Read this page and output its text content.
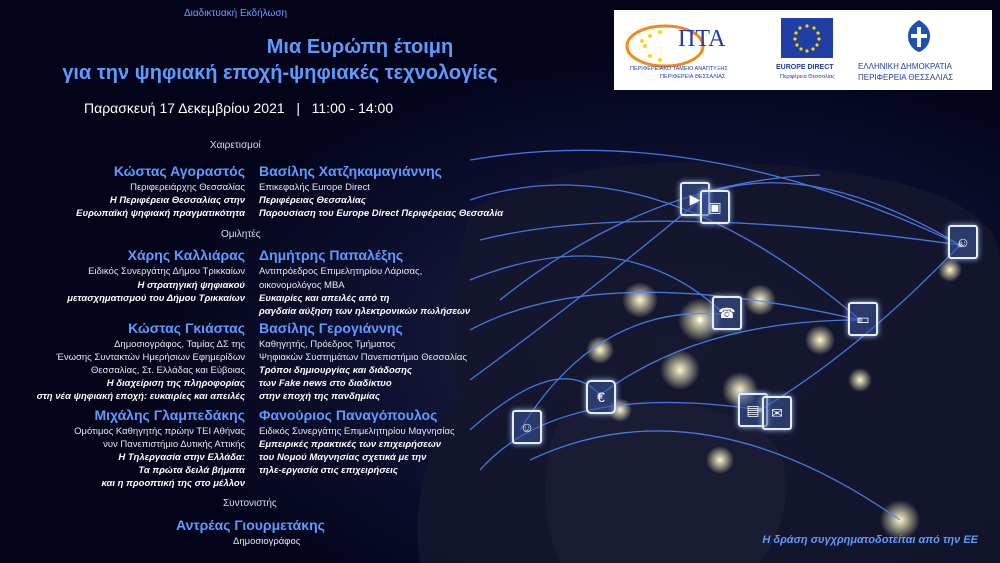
▶ ▣
☺
☎	▭
€
▤ ✉
☺
Διαδικτυακή Εκδήλωση
Μια Ευρώπη έτοιμη
για την ψηφιακή εποχή-ψηφιακές τεχνολογίες
Παρασκευή 17 Δεκεμβρίου 2021   |   11:00 - 14:00
Χαιρετισμοί
Κώστας Αγοραστός
Περιφερειάρχης Θεσσαλίας
Η Περιφέρεια Θεσσαλίας στην
Ευρωπαϊκή ψηφιακή πραγματικότητα
Βασίλης Χατζηκαμαγιάννης
Επικεφαλής Europe Direct
Περιφέρειας Θεσσαλίας
Παρουσίαση του Europe Direct Περιφέρειας Θεσσαλία
Ομιλητές
Χάρης Καλλιάρας
Ειδικός Συνεργάτης Δήμου Τρικκαίων
Η στρατηγική ψηφιακού
μετασχηματισμού του Δήμου Τρικκαίων
Δημήτρης Παπαλέξης
Αντιπρόεδρος Επιμελητηρίου Λάρισας,
οικονομολόγος MBA
Ευκαιρίες και απειλές από τη
ραγδαία αύξηση των ηλεκτρονικών πωλήσεων
Κώστας Γκιάστας
Δημοσιογράφος, Ταμίας ΔΣ της
Ένωσης Συντακτών Ημερήσιων Εφημερίδων
Θεσσαλίας, Στ. Ελλάδας και Εύβοιας
Η διαχείριση της πληροφορίας
στη νέα ψηφιακή εποχή: ευκαιρίες και απειλές
Βασίλης Γερογιάννης
Καθηγητής, Πρόεδρος Τμήματος
Ψηφιακών Συστημάτων Πανεπιστήμιο Θεσσαλίας
Τρόποι δημιουργίας και διάδοσης
των Fake news στο διαδίκτυο
στην εποχή της πανδημίας
Μιχάλης Γλαμπεδάκης
Ομότιμος Καθηγητής πρώην ΤΕΙ Αθήνας
νυν Πανεπιστήμιο Δυτικής Αττικής
Η Τηλεργασία στην Ελλάδα:
Τα πρώτα δειλά βήματα
και η προοπτική της στο μέλλον
Φανούριος Παναγόπουλος
Ειδικός Συνεργάτης Επιμελητηρίου Μαγνησίας
Εμπειρικές πρακτικές των επιχειρήσεων
του Νομού Μαγνησίας σχετικά με την
τηλε-εργασία στις επιχειρήσεις
Συντονιστής
Αντρέας Γιουρμετάκης
Δημοσιογράφος	Η δράση συγχρηματοδοτείται από την ΕΕ
ΠΤΑ
ΠΕΡΙΦΕΡΕΙΑΚΟ ΤΑΜΕΙΟ ΑΝΑΠΤΥΞΗΣ
ΠΕΡΙΦΕΡΕΙΑ ΘΕΣΣΑΛΙΑΣ
EUROPE DIRECT
Περιφέρεια Θεσσαλίας
ΕΛΛΗΝΙΚΗ ΔΗΜΟΚΡΑΤΙΑ
ΠΕΡΙΦΕΡΕΙΑ ΘΕΣΣΑΛΙΑΣ
